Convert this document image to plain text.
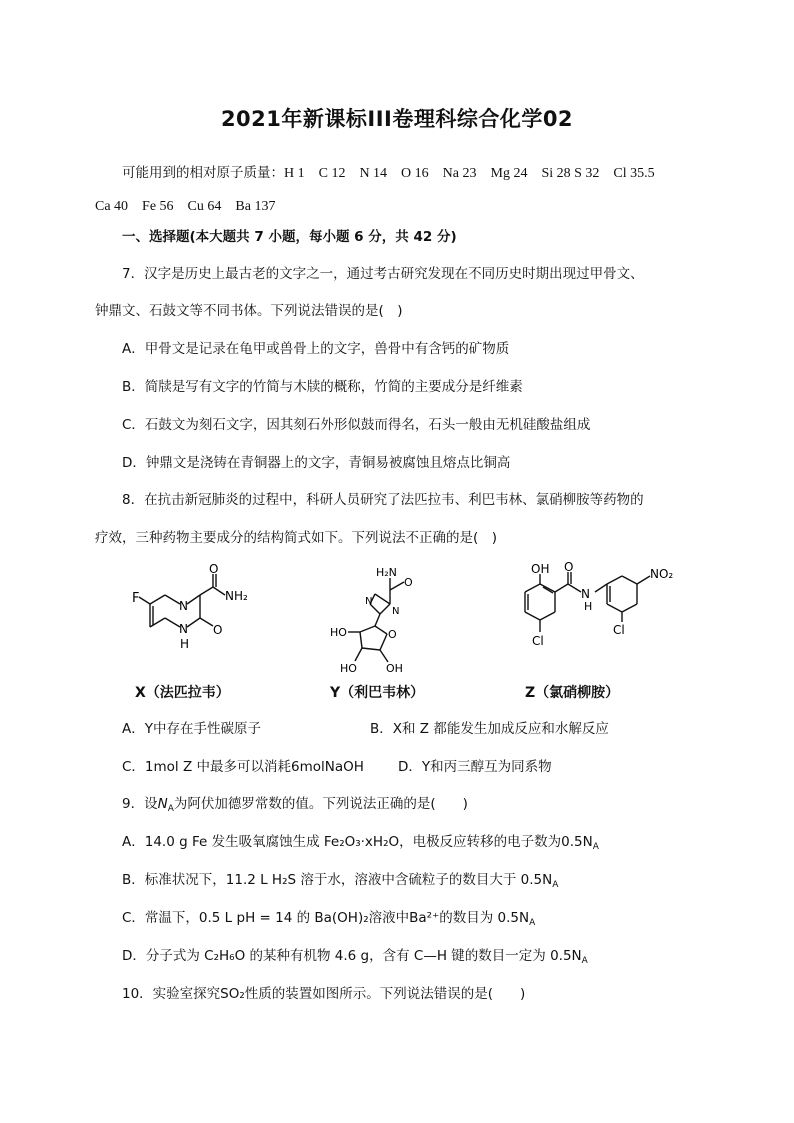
2021年新课标III卷理科综合化学02
可能用到的相对原子质量：H 1　C 12　N 14　O 16　Na 23　Mg 24　Si 28 S 32　Cl 35.5
Ca 40　Fe 56　Cu 64　Ba 137
一、选择题(本大题共 7 小题，每小题 6 分，共 42 分)
7．汉字是历史上最古老的文字之一，通过考古研究发现在不同历史时期出现过甲骨文、
钟鼎文、石鼓文等不同书体。下列说法错误的是(　)
A．甲骨文是记录在龟甲或兽骨上的文字，兽骨中有含钙的矿物质
B．简牍是写有文字的竹简与木牍的概称，竹简的主要成分是纤维素
C．石鼓文为刻石文字，因其刻石外形似鼓而得名，石头一般由无机硅酸盐组成
D．钟鼎文是浇铸在青铜器上的文字，青铜易被腐蚀且熔点比铜高
8．在抗击新冠肺炎的过程中，科研人员研究了法匹拉韦、利巴韦林、氯硝柳胺等药物的
疗效，三种药物主要成分的结构简式如下。下列说法不正确的是(　)
F	N
N
H
O
NH₂
O
H₂N
O
N
N
O
HO
HO	OH
OH O
N
H
NO₂
Cl
Cl
X（法匹拉韦）	Y（利巴韦林）	Z（氯硝柳胺）
A．Y中存在手性碳原子	B．X和 Z 都能发生加成反应和水解反应
C．1mol Z 中最多可以消耗6molNaOH	D．Y和丙三醇互为同系物
9．设$N_A$为阿伏加德罗常数的值。下列说法正确的是(　　)
A．14.0 g Fe 发生吸氧腐蚀生成 Fe₂O₃·xH₂O，电极反应转移的电子数为$0.5N_A$
B．标准状况下，11.2 L H₂S 溶于水，溶液中含硫粒子的数目大于 $0.5N_A$
C．常温下，0.5 L pH = 14 的 Ba(OH)₂溶液中Ba²⁺的数目为 $0.5N_A$
D．分子式为 C₂H₆O 的某种有机物 4.6 g，含有 C—H 键的数目一定为 $0.5N_A$
10．实验室探究SO₂性质的装置如图所示。下列说法错误的是(　　)
